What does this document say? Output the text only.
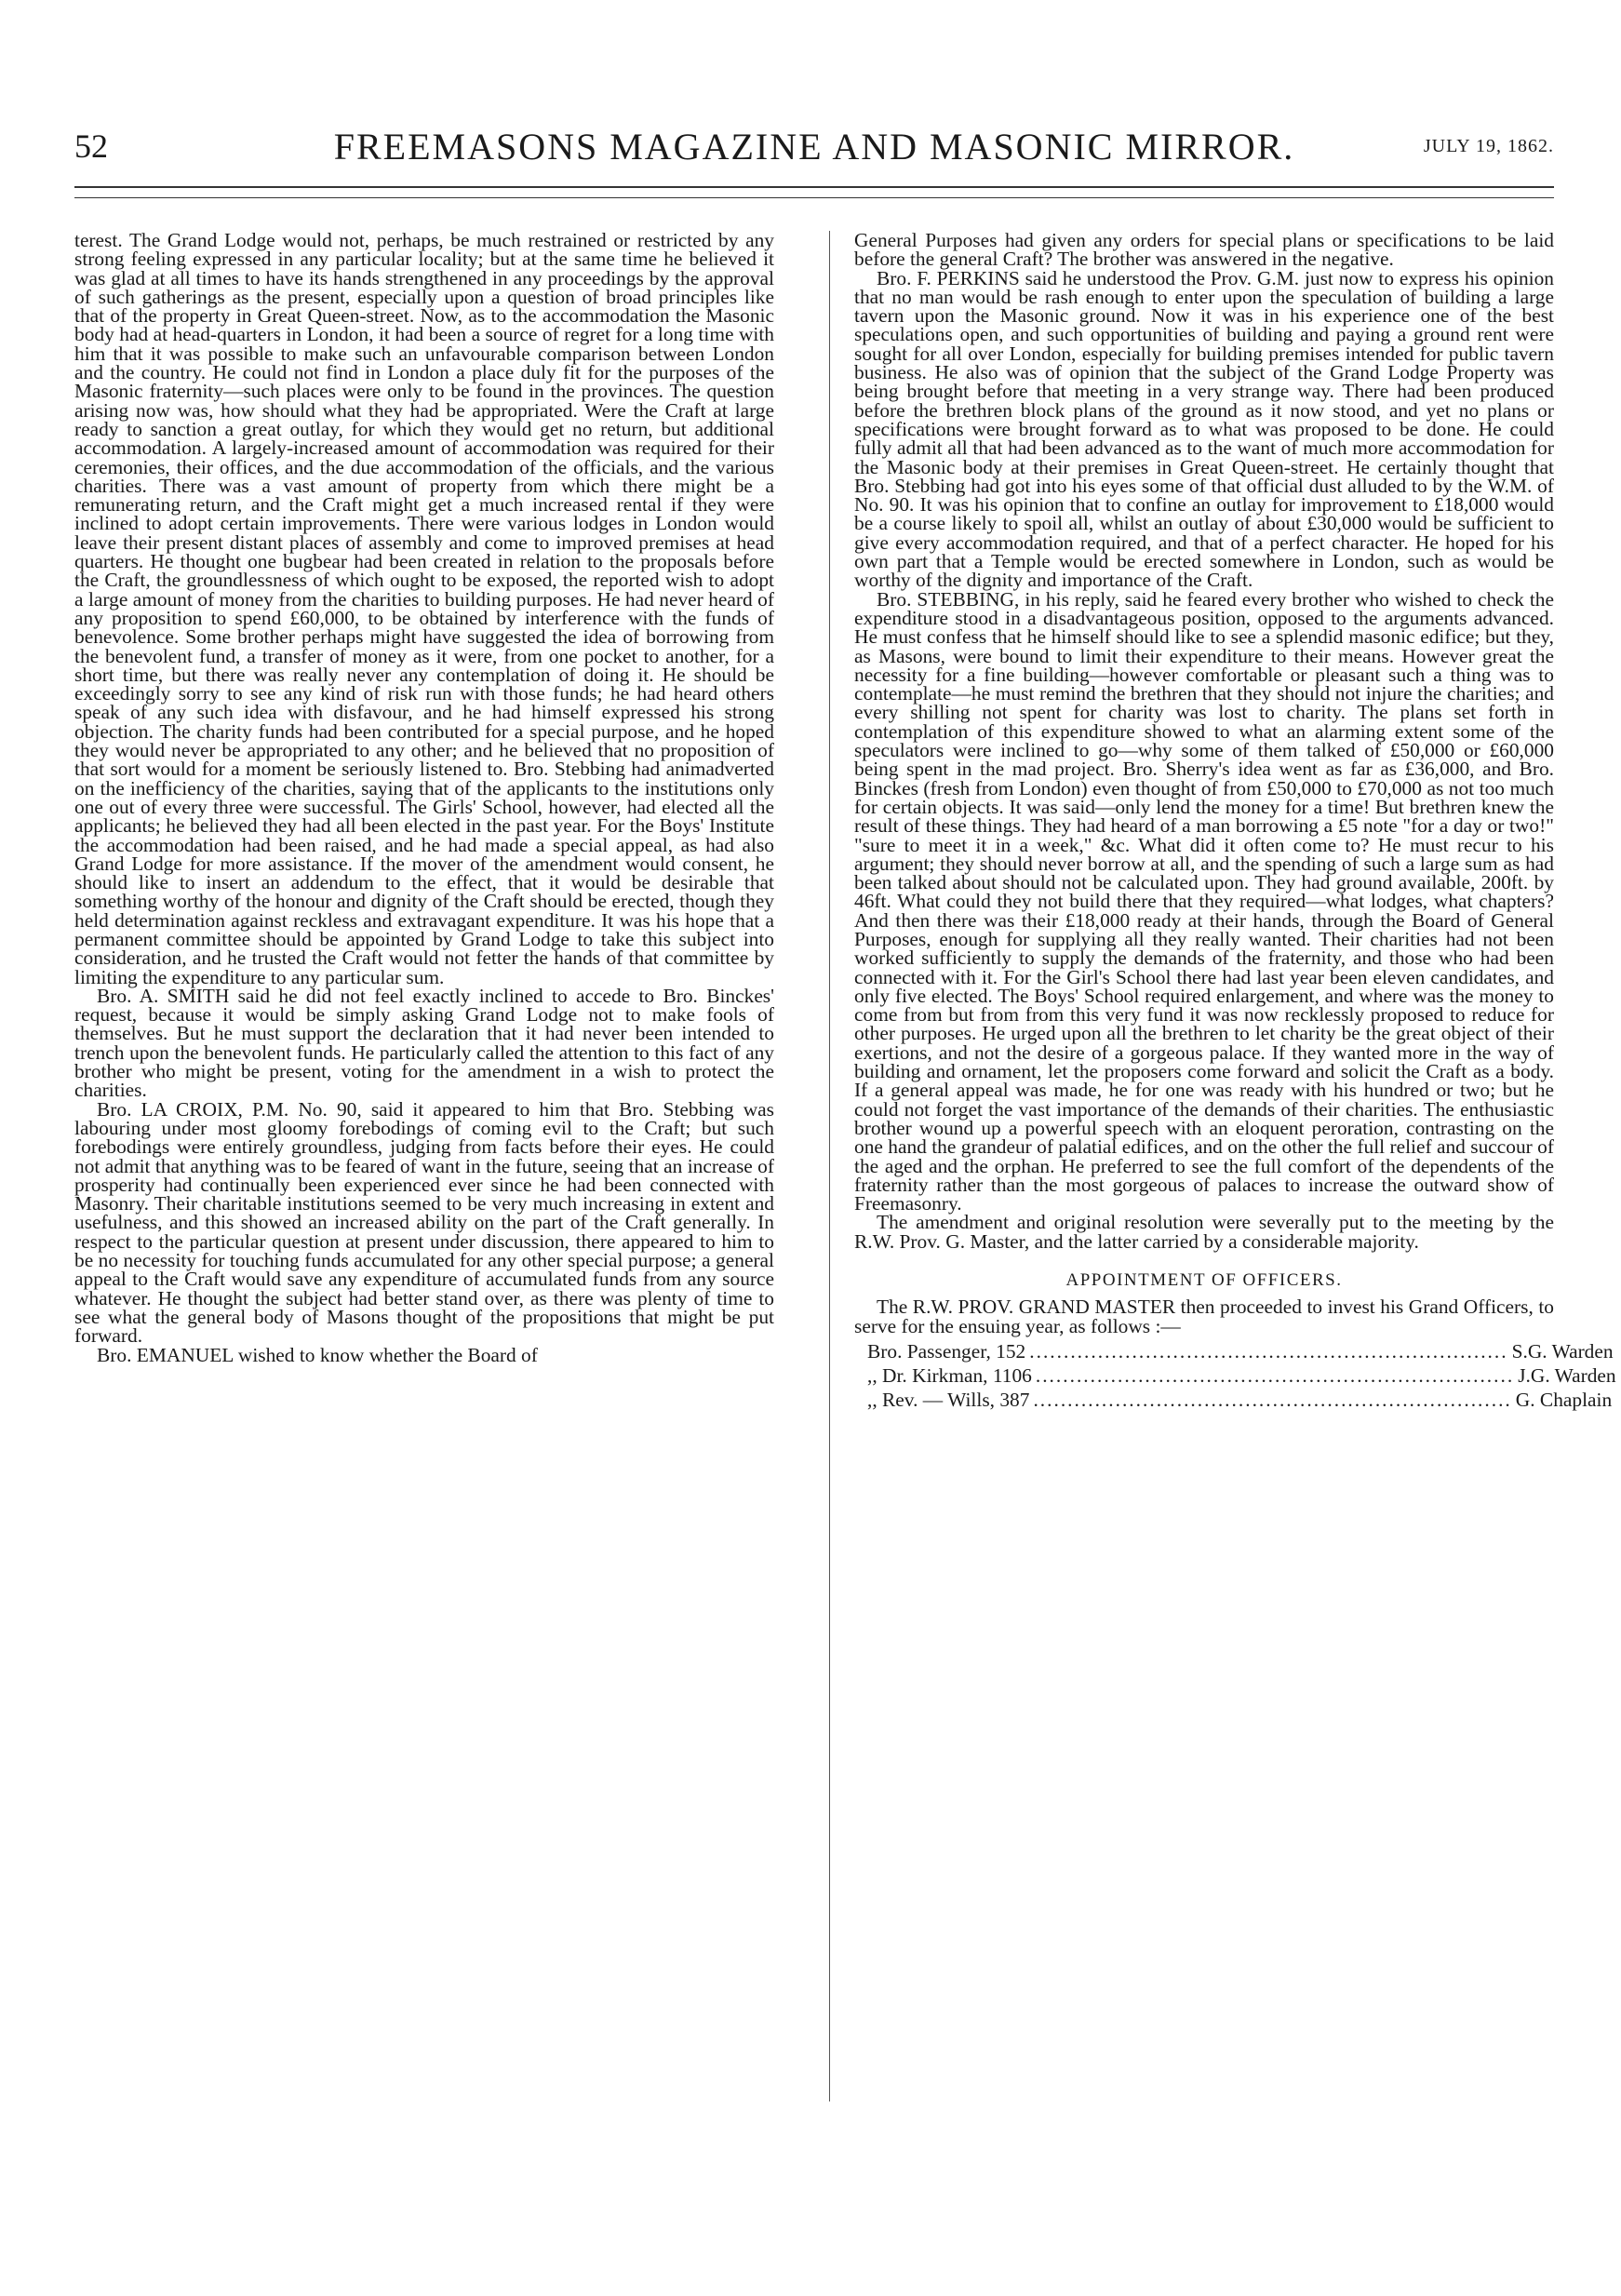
52	FREEMASONS MAGAZINE AND MASONIC MIRROR.	JULY 19, 1862.

terest. The Grand Lodge would not, perhaps, be much restrained or restricted by any strong feeling expressed in any particular locality; but at the same time he believed it was glad at all times to have its hands strengthened in any proceedings by the approval of such gatherings as the present, especially upon a question of broad principles like that of the property in Great Queen-street. Now, as to the accommodation the Masonic body had at head-quarters in London, it had been a source of regret for a long time with him that it was possible to make such an unfavourable comparison between London and the country. He could not find in London a place duly fit for the purposes of the Masonic fraternity—such places were only to be found in the provinces. The question arising now was, how should what they had be appropriated. Were the Craft at large ready to sanction a great outlay, for which they would get no return, but additional accommodation. A largely-increased amount of accommodation was required for their ceremonies, their offices, and the due accommodation of the officials, and the various charities. There was a vast amount of property from which there might be a remunerating return, and the Craft might get a much increased rental if they were inclined to adopt certain improvements. There were various lodges in London would leave their present distant places of assembly and come to improved premises at head quarters. He thought one bugbear had been created in relation to the proposals before the Craft, the groundlessness of which ought to be exposed, the reported wish to adopt a large amount of money from the charities to building purposes. He had never heard of any proposition to spend £60,000, to be obtained by interference with the funds of benevolence. Some brother perhaps might have suggested the idea of borrowing from the benevolent fund, a transfer of money as it were, from one pocket to another, for a short time, but there was really never any contemplation of doing it. He should be exceedingly sorry to see any kind of risk run with those funds; he had heard others speak of any such idea with disfavour, and he had himself expressed his strong objection. The charity funds had been contributed for a special purpose, and he hoped they would never be appropriated to any other; and he believed that no proposition of that sort would for a moment be seriously listened to. Bro. Stebbing had animadverted on the inefficiency of the charities, saying that of the applicants to the institutions only one out of every three were successful. The Girls' School, however, had elected all the applicants; he believed they had all been elected in the past year. For the Boys' Institute the accommodation had been raised, and he had made a special appeal, as had also Grand Lodge for more assistance. If the mover of the amendment would consent, he should like to insert an addendum to the effect, that it would be desirable that something worthy of the honour and dignity of the Craft should be erected, though they held determination against reckless and extravagant expenditure. It was his hope that a permanent committee should be appointed by Grand Lodge to take this subject into consideration, and he trusted the Craft would not fetter the hands of that committee by limiting the expenditure to any particular sum.

Bro. A. SMITH said he did not feel exactly inclined to accede to Bro. Binckes' request, because it would be simply asking Grand Lodge not to make fools of themselves. But he must support the declaration that it had never been intended to trench upon the benevolent funds. He particularly called the attention to this fact of any brother who might be present, voting for the amendment in a wish to protect the charities.

Bro. LA CROIX, P.M. No. 90, said it appeared to him that Bro. Stebbing was labouring under most gloomy forebodings of coming evil to the Craft; but such forebodings were entirely groundless, judging from facts before their eyes. He could not admit that anything was to be feared of want in the future, seeing that an increase of prosperity had continually been experienced ever since he had been connected with Masonry. Their charitable institutions seemed to be very much increasing in extent and usefulness, and this showed an increased ability on the part of the Craft generally. In respect to the particular question at present under discussion, there appeared to him to be no necessity for touching funds accumulated for any other special purpose; a general appeal to the Craft would save any expenditure of accumulated funds from any source whatever. He thought the subject had better stand over, as there was plenty of time to see what the general body of Masons thought of the propositions that might be put forward.

Bro. EMANUEL wished to know whether the Board of

General Purposes had given any orders for special plans or specifications to be laid before the general Craft? The brother was answered in the negative.

Bro. F. PERKINS said he understood the Prov. G.M. just now to express his opinion that no man would be rash enough to enter upon the speculation of building a large tavern upon the Masonic ground. Now it was in his experience one of the best speculations open, and such opportunities of building and paying a ground rent were sought for all over London, especially for building premises intended for public tavern business. He also was of opinion that the subject of the Grand Lodge Property was being brought before that meeting in a very strange way. There had been produced before the brethren block plans of the ground as it now stood, and yet no plans or specifications were brought forward as to what was proposed to be done. He could fully admit all that had been advanced as to the want of much more accommodation for the Masonic body at their premises in Great Queen-street. He certainly thought that Bro. Stebbing had got into his eyes some of that official dust alluded to by the W.M. of No. 90. It was his opinion that to confine an outlay for improvement to £18,000 would be a course likely to spoil all, whilst an outlay of about £30,000 would be sufficient to give every accommodation required, and that of a perfect character. He hoped for his own part that a Temple would be erected somewhere in London, such as would be worthy of the dignity and importance of the Craft.

Bro. STEBBING, in his reply, said he feared every brother who wished to check the expenditure stood in a disadvantageous position, opposed to the arguments advanced. He must confess that he himself should like to see a splendid masonic edifice; but they, as Masons, were bound to limit their expenditure to their means. However great the necessity for a fine building—however comfortable or pleasant such a thing was to contemplate—he must remind the brethren that they should not injure the charities; and every shilling not spent for charity was lost to charity. The plans set forth in contemplation of this expenditure showed to what an alarming extent some of the speculators were inclined to go—why some of them talked of £50,000 or £60,000 being spent in the mad project. Bro. Sherry's idea went as far as £36,000, and Bro. Binckes (fresh from London) even thought of from £50,000 to £70,000 as not too much for certain objects. It was said—only lend the money for a time! But brethren knew the result of these things. They had heard of a man borrowing a £5 note "for a day or two!" "sure to meet it in a week," &c. What did it often come to? He must recur to his argument; they should never borrow at all, and the spending of such a large sum as had been talked about should not be calculated upon. They had ground available, 200ft. by 46ft. What could they not build there that they required—what lodges, what chapters? And then there was their £18,000 ready at their hands, through the Board of General Purposes, enough for supplying all they really wanted. Their charities had not been worked sufficiently to supply the demands of the fraternity, and those who had been connected with it. For the Girl's School there had last year been eleven candidates, and only five elected. The Boys' School required enlargement, and where was the money to come from but from from this very fund it was now recklessly proposed to reduce for other purposes. He urged upon all the brethren to let charity be the great object of their exertions, and not the desire of a gorgeous palace. If they wanted more in the way of building and ornament, let the proposers come forward and solicit the Craft as a body. If a general appeal was made, he for one was ready with his hundred or two; but he could not forget the vast importance of the demands of their charities. The enthusiastic brother wound up a powerful speech with an eloquent peroration, contrasting on the one hand the grandeur of palatial edifices, and on the other the full relief and succour of the aged and the orphan. He preferred to see the full comfort of the dependents of the fraternity rather than the most gorgeous of palaces to increase the outward show of Freemasonry.

The amendment and original resolution were severally put to the meeting by the R.W. Prov. G. Master, and the latter carried by a considerable majority.

APPOINTMENT OF OFFICERS.

The R.W. PROV. GRAND MASTER then proceeded to invest his Grand Officers, to serve for the ensuing year, as follows :—

Bro. Passenger, 152 ...................................................................... S.G. Warden
,, Dr. Kirkman, 1106 ...................................................................... J.G. Warden
,, Rev. — Wills, 387 ...................................................................... G. Chaplain
